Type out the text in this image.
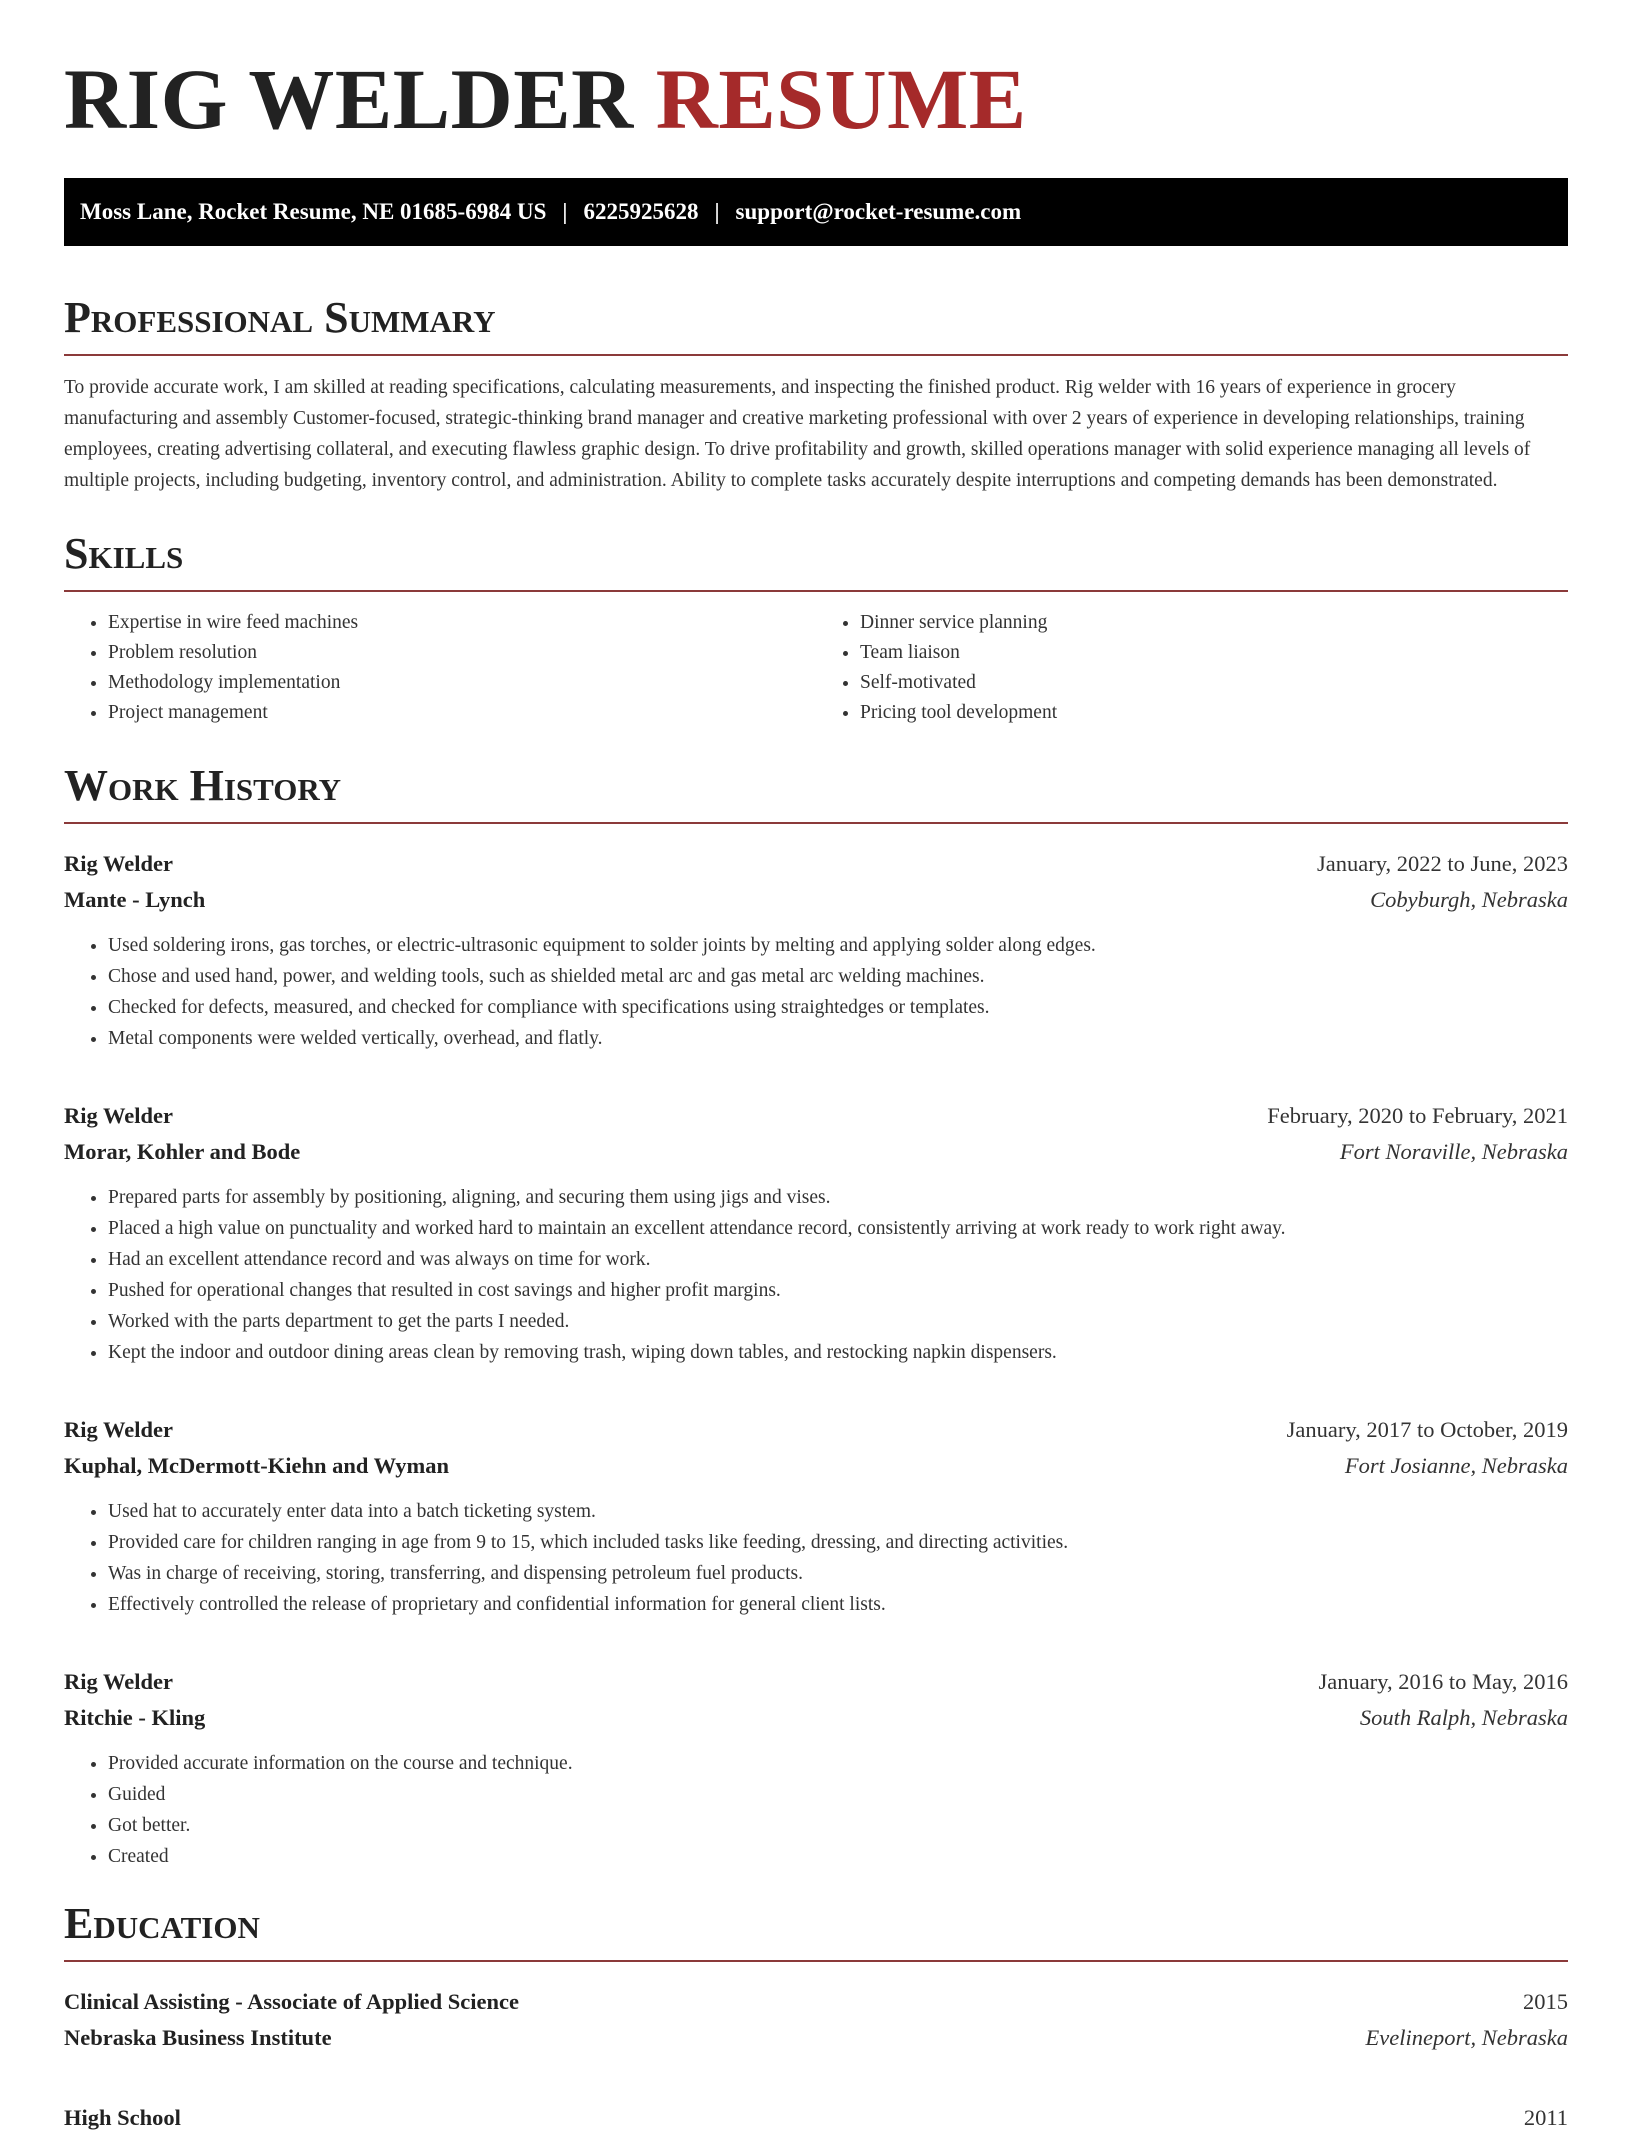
RIG WELDER RESUME
Moss Lane, Rocket Resume, NE 01685-6984 US | 6225925628 | support@rocket-resume.com
Professional Summary

To provide accurate work, I am skilled at reading specifications, calculating measurements, and inspecting the finished product. Rig welder with 16 years of experience in grocery manufacturing and assembly Customer-focused, strategic-thinking brand manager and creative marketing professional with over 2 years of experience in developing relationships, training employees, creating advertising collateral, and executing flawless graphic design. To drive profitability and growth, skilled operations manager with solid experience managing all levels of multiple projects, including budgeting, inventory control, and administration. Ability to complete tasks accurately despite interruptions and competing demands has been demonstrated.

Skills
• Expertise in wire feed machines
• Problem resolution
• Methodology implementation
• Project management
• Dinner service planning
• Team liaison
• Self-motivated
• Pricing tool development
Work History
Rig Welder	January, 2022 to June, 2023
Mante - Lynch	Cobyburgh, Nebraska
• Used soldering irons, gas torches, or electric-ultrasonic equipment to solder joints by melting and applying solder along edges.
• Chose and used hand, power, and welding tools, such as shielded metal arc and gas metal arc welding machines.
• Checked for defects, measured, and checked for compliance with specifications using straightedges or templates.
• Metal components were welded vertically, overhead, and flatly.
Rig Welder	February, 2020 to February, 2021
Morar, Kohler and Bode	Fort Noraville, Nebraska
• Prepared parts for assembly by positioning, aligning, and securing them using jigs and vises.
• Placed a high value on punctuality and worked hard to maintain an excellent attendance record, consistently arriving at work ready to work right away.
• Had an excellent attendance record and was always on time for work.
• Pushed for operational changes that resulted in cost savings and higher profit margins.
• Worked with the parts department to get the parts I needed.
• Kept the indoor and outdoor dining areas clean by removing trash, wiping down tables, and restocking napkin dispensers.
Rig Welder	January, 2017 to October, 2019
Kuphal, McDermott-Kiehn and Wyman	Fort Josianne, Nebraska
• Used hat to accurately enter data into a batch ticketing system.
• Provided care for children ranging in age from 9 to 15, which included tasks like feeding, dressing, and directing activities.
• Was in charge of receiving, storing, transferring, and dispensing petroleum fuel products.
• Effectively controlled the release of proprietary and confidential information for general client lists.
Rig Welder	January, 2016 to May, 2016
Ritchie - Kling	South Ralph, Nebraska
• Provided accurate information on the course and technique.
• Guided
• Got better.
• Created
Education
Clinical Assisting - Associate of Applied Science	2015
Nebraska Business Institute	Evelineport, Nebraska
High School	2011
